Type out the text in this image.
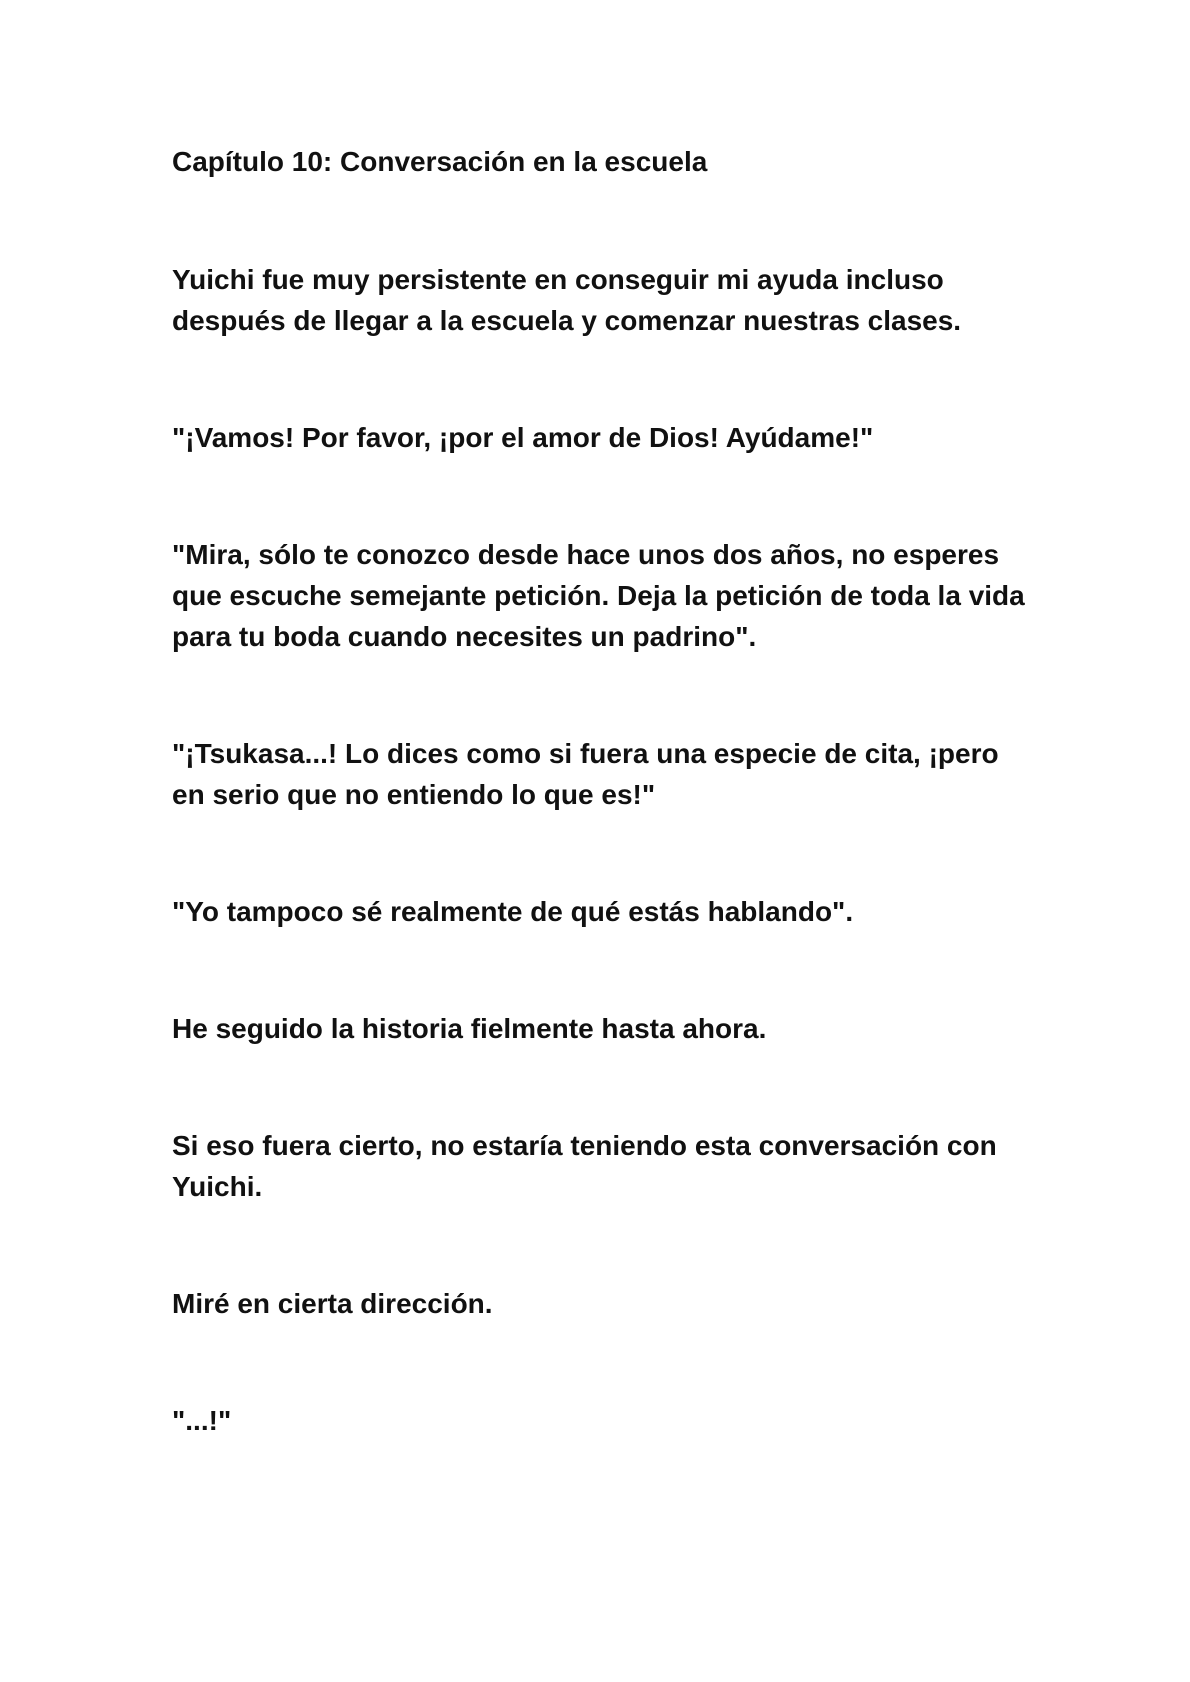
Capítulo 10: Conversación en la escuela

Yuichi fue muy persistente en conseguir mi ayuda incluso después de llegar a la escuela y comenzar nuestras clases.

"¡Vamos! Por favor, ¡por el amor de Dios! Ayúdame!"

"Mira, sólo te conozco desde hace unos dos años, no esperes que escuche semejante petición. Deja la petición de toda la vida para tu boda cuando necesites un padrino".

"¡Tsukasa...! Lo dices como si fuera una especie de cita, ¡pero en serio que no entiendo lo que es!"

"Yo tampoco sé realmente de qué estás hablando".

He seguido la historia fielmente hasta ahora.

Si eso fuera cierto, no estaría teniendo esta conversación con Yuichi.

Miré en cierta dirección.

"...!"
